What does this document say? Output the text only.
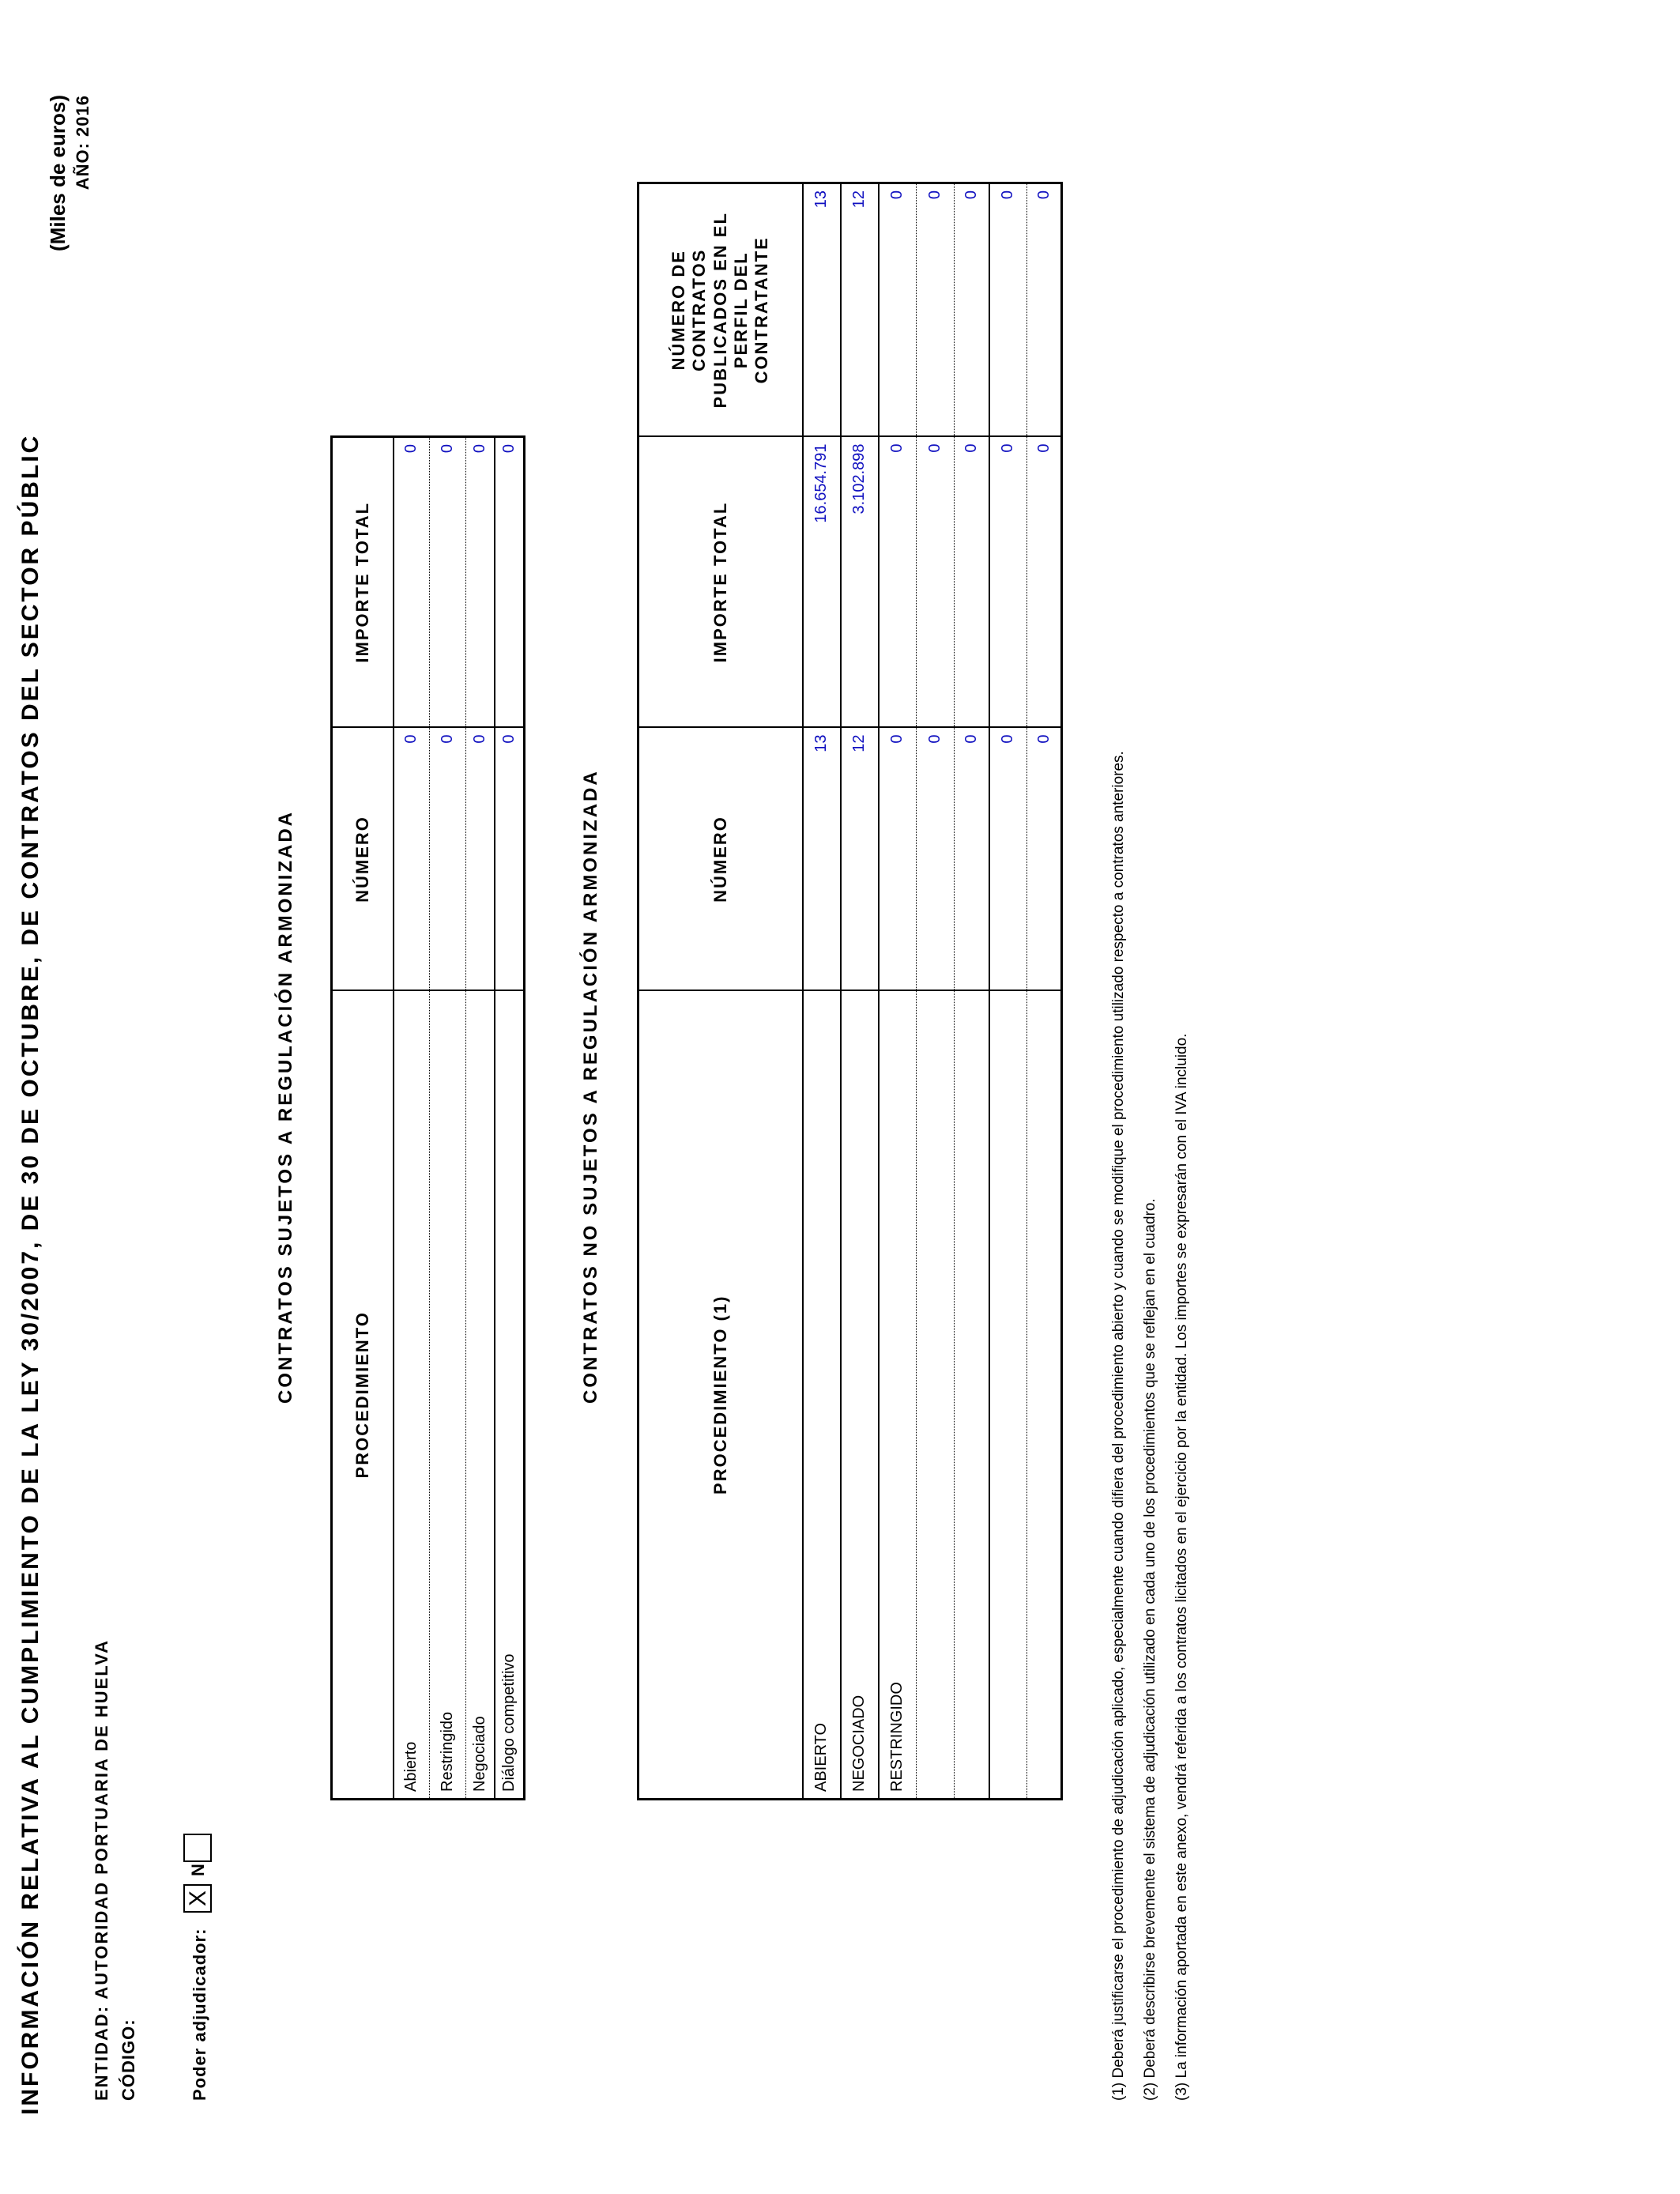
INFORMACIÓN RELATIVA AL CUMPLIMIENTO DE LA LEY 30/2007, DE 30 DE OCTUBRE, DE CONTRATOS DEL SECTOR PÚBLIC
(Miles de euros) AÑO: 2016
ENTIDAD: AUTORIDAD PORTUARIA DE HUELVA CÓDIGO:	Poder adjudicador:
X
N
CONTRATOS SUJETOS A REGULACIÓN ARMONIZADA	PROCEDIMIENTO	NÚMERO	IMPORTE TOTAL
Abierto	0	0
Restringido	0	0
Negociado	0	0
Diálogo competitivo	0	0
CONTRATOS NO SUJETOS A REGULACIÓN ARMONIZADA	PROCEDIMIENTO (1)	NÚMERO	IMPORTE TOTAL	NÚMERO DE CONTRATOS PUBLICADOS EN EL PERFIL DEL CONTRATANTE
ABIERTO	13	16.654.791	13
NEGOCIADO	12	3.102.898	12
RESTRINGIDO	0	0	0
	0	0	0
	0	0	0
	0	0	0
	0	0	0
(1) Deberá justificarse el procedimiento de adjudicación aplicado, especialmente cuando difiera del procedimiento abierto y cuando se modifique el procedimiento utilizado respecto a contratos anteriores. (2) Deberá describirse brevemente el sistema de adjudicación utilizado en cada uno de los procedimientos que se reflejan en el cuadro. (3) La información aportada en este anexo, vendrá referida a los contratos licitados en el ejercicio por la entidad. Los importes se expresarán con el IVA incluido.
